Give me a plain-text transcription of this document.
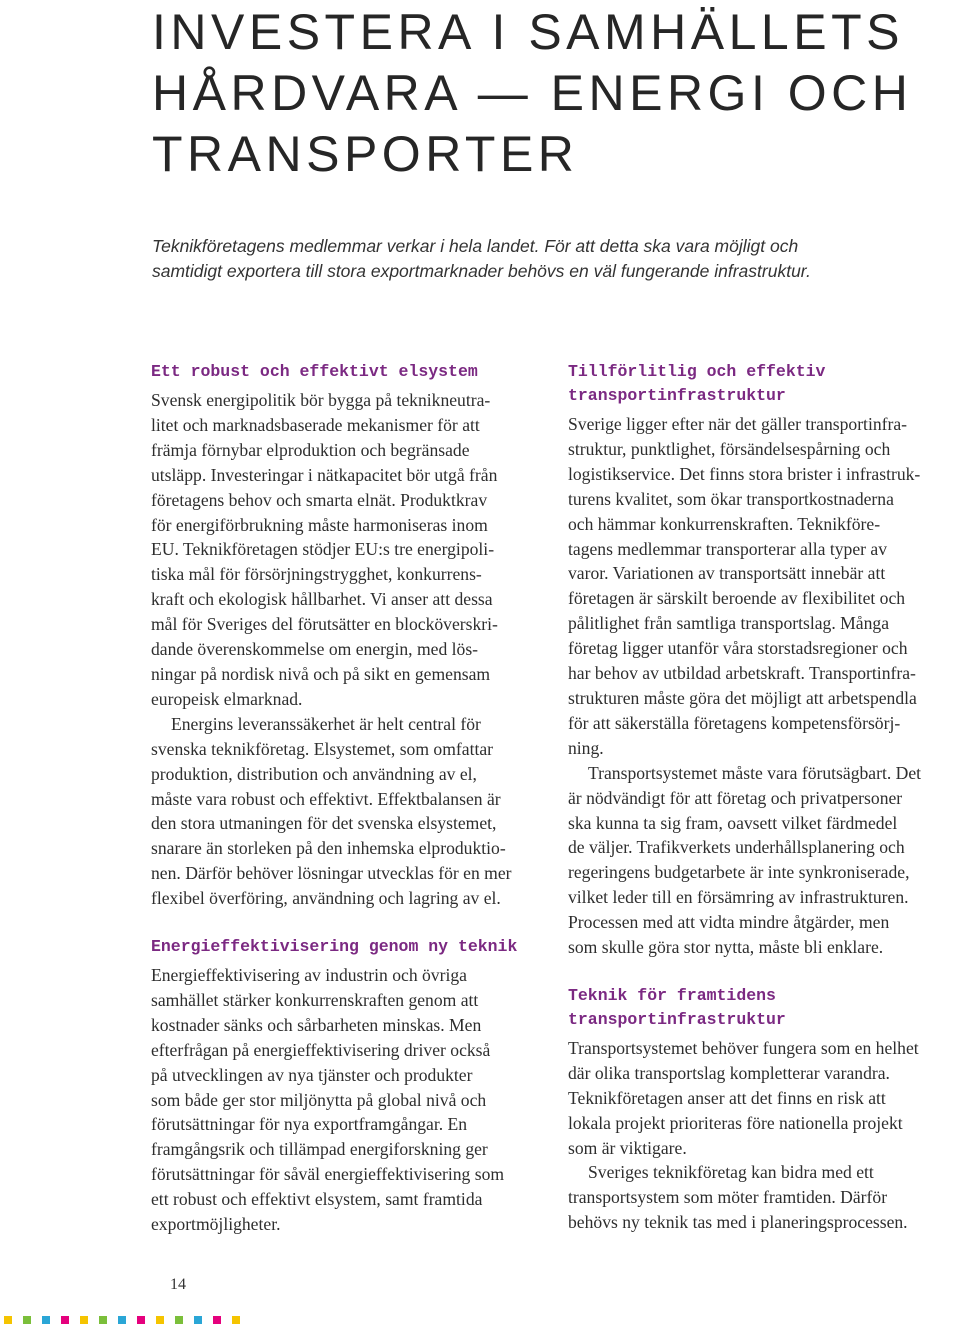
INVESTERA I SAMHÄLLETS
HÅRDVARA — ENERGI OCH
TRANSPORTER
Teknikföretagens medlemmar verkar i hela landet. För att detta ska vara möjligt och
samtidigt exportera till stora exportmarknader behövs en väl fungerande infrastruktur.
Ett robust och effektivt elsystem

Svensk energipolitik bör bygga på teknikneutra-
litet och marknadsbaserade mekanismer för att
främja förnybar elproduktion och begränsade
utsläpp. Investeringar i nätkapacitet bör utgå från
företagens behov och smarta elnät. Produktkrav
för energiförbrukning måste harmoniseras inom
EU. Teknikföretagen stödjer EU:s tre energipoli-
tiska mål för försörjningstrygghet, konkurrens-
kraft och ekologisk hållbarhet. Vi anser att dessa
mål för Sveriges del förutsätter en blocköverskri-
dande överenskommelse om energin, med lös-
ningar på nordisk nivå och på sikt en gemensam
europeisk elmarknad.

Energins leveranssäkerhet är helt central för
svenska teknikföretag. Elsystemet, som omfattar
produktion, distribution och användning av el,
måste vara robust och effektivt. Effektbalansen är
den stora utmaningen för det svenska elsystemet,
snarare än storleken på den inhemska elproduktio-
nen. Därför behöver lösningar utvecklas för en mer
flexibel överföring, användning och lagring av el.

Energieffektivisering genom ny teknik

Energieffektivisering av industrin och övriga
samhället stärker konkurrenskraften genom att
kostnader sänks och sårbarheten minskas. Men
efterfrågan på energieffektivisering driver också
på utvecklingen av nya tjänster och produkter
som både ger stor miljönytta på global nivå och
förutsättningar för nya exportframgångar. En
framgångsrik och tillämpad energiforskning ger
förutsättningar för såväl energieffektivisering som
ett robust och effektivt elsystem, samt framtida
exportmöjligheter.

Tillförlitlig och effektiv
transportinfrastruktur

Sverige ligger efter när det gäller transportinfra-
struktur, punktlighet, försändelsespårning och
logistikservice. Det finns stora brister i infrastruk-
turens kvalitet, som ökar transportkostnaderna
och hämmar konkurrenskraften. Teknikföre-
tagens medlemmar transporterar alla typer av
varor. Variationen av transportsätt innebär att
företagen är särskilt beroende av flexibilitet och
pålitlighet från samtliga transportslag. Många
företag ligger utanför våra storstadsregioner och
har behov av utbildad arbetskraft. Transportinfra-
strukturen måste göra det möjligt att arbetspendla
för att säkerställa företagens kompetensförsörj-
ning.

Transportsystemet måste vara förutsägbart. Det
är nödvändigt för att företag och privatpersoner
ska kunna ta sig fram, oavsett vilket färdmedel
de väljer. Trafikverkets underhållsplanering och
regeringens budgetarbete är inte synkroniserade,
vilket leder till en försämring av infrastrukturen.
Processen med att vidta mindre åtgärder, men
som skulle göra stor nytta, måste bli enklare.

Teknik för framtidens
transportinfrastruktur

Transportsystemet behöver fungera som en helhet
där olika transportslag kompletterar varandra.
Teknikföretagen anser att det finns en risk att
lokala projekt prioriteras före nationella projekt
som är viktigare.

Sveriges teknikföretag kan bidra med ett
transportsystem som möter framtiden. Därför
behövs ny teknik tas med i planeringsprocessen.

14
